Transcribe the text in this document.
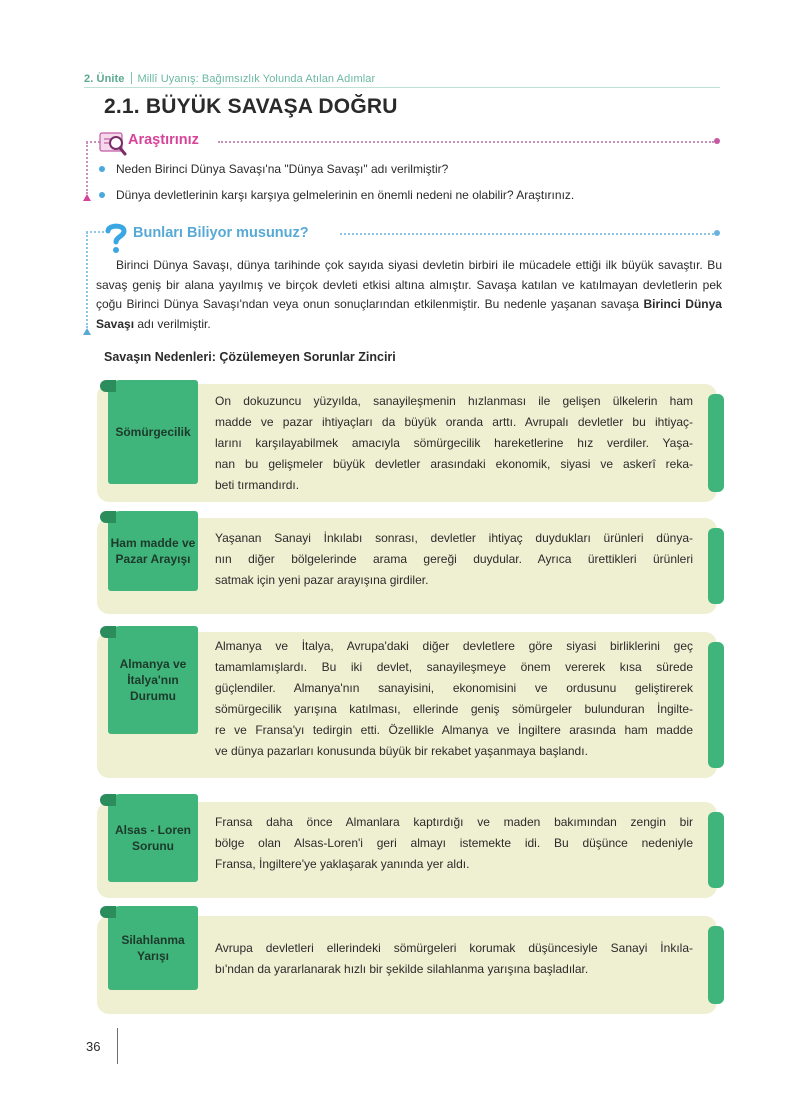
2. Ünite Millî Uyanış: Bağımsızlık Yolunda Atılan Adımlar
2.1. BÜYÜK SAVAŞA DOĞRU
Araştırınız
Neden Birinci Dünya Savaşı'na "Dünya Savaşı" adı verilmiştir?
Dünya devletlerinin karşı karşıya gelmelerinin en önemli nedeni ne olabilir? Araştırınız.
Bunları Biliyor musunuz?
Birinci Dünya Savaşı, dünya tarihinde çok sayıda siyasi devletin birbiri ile mücadele ettiği ilk büyük savaştır. Bu savaş geniş bir alana yayılmış ve birçok devleti etkisi altına almıştır. Savaşa katılan ve katılmayan devletlerin pek çoğu Birinci Dünya Savaşı'ndan veya onun sonuçlarından etkilenmiştir. Bu nedenle yaşanan savaşa Birinci Dünya Savaşı adı verilmiştir.
Savaşın Nedenleri: Çözülemeyen Sorunlar Zinciri
On dokuzuncu yüzyılda, sanayileşmenin hızlanması ile gelişen ülkelerin ham
madde ve pazar ihtiyaçları da büyük oranda arttı. Avrupalı devletler bu ihtiyaç-
larını karşılayabilmek amacıyla sömürgecilik hareketlerine hız verdiler. Yaşa-
nan bu gelişmeler büyük devletler arasındaki ekonomik, siyasi ve askerî reka-
beti tırmandırdı.
Sömürgecilik
Yaşanan Sanayi İnkılabı sonrası, devletler ihtiyaç duydukları ürünleri dünya-
nın diğer bölgelerinde arama gereği duydular. Ayrıca ürettikleri ürünleri
satmak için yeni pazar arayışına girdiler.
Ham madde ve Pazar Arayışı
Almanya ve İtalya, Avrupa'daki diğer devletlere göre siyasi birliklerini geç
tamamlamışlardı. Bu iki devlet, sanayileşmeye önem vererek kısa sürede
güçlendiler. Almanya'nın sanayisini, ekonomisini ve ordusunu geliştirerek
sömürgecilik yarışına katılması, ellerinde geniş sömürgeler bulunduran İngilte-
re ve Fransa'yı tedirgin etti. Özellikle Almanya ve İngiltere arasında ham madde
ve dünya pazarları konusunda büyük bir rekabet yaşanmaya başlandı.
Almanya ve İtalya'nın Durumu
Fransa daha önce Almanlara kaptırdığı ve maden bakımından zengin bir
bölge olan Alsas-Loren'i geri almayı istemekte idi. Bu düşünce nedeniyle
Fransa, İngiltere'ye yaklaşarak yanında yer aldı.
Alsas - Loren Sorunu
Avrupa devletleri ellerindeki sömürgeleri korumak düşüncesiyle Sanayi İnkıla-
bı'ndan da yararlanarak hızlı bir şekilde silahlanma yarışına başladılar.
Silahlanma Yarışı
36
